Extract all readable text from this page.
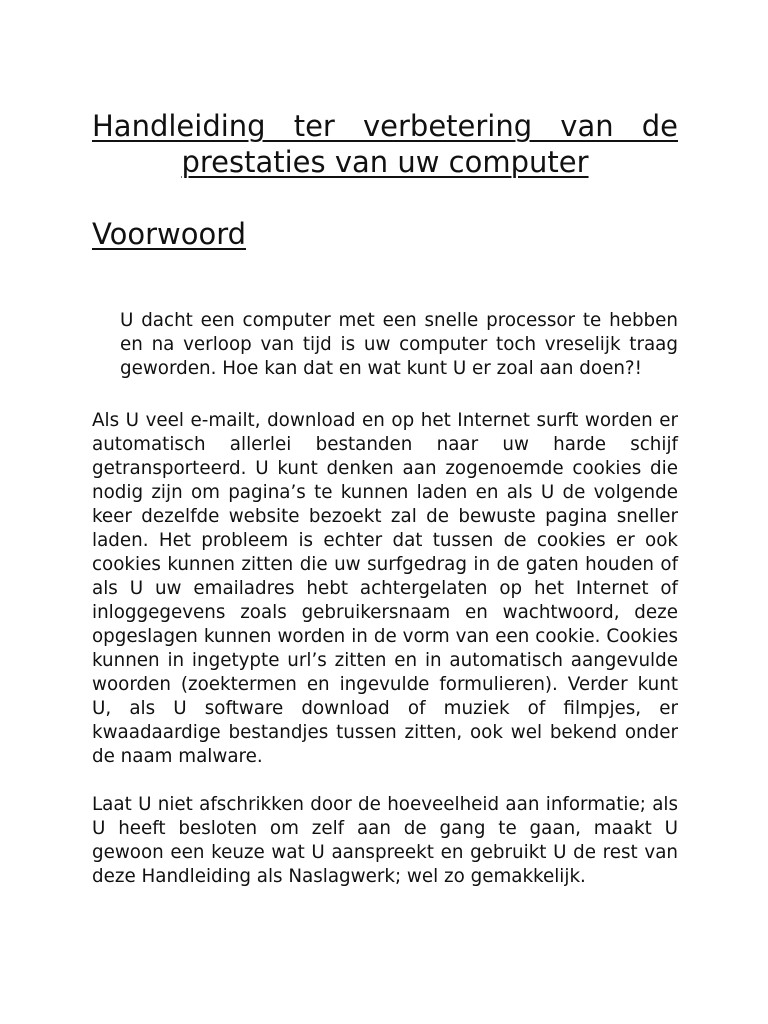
Handleiding ter verbetering van de prestaties van uw computer
Voorwoord

U dacht een computer met een snelle processor te hebben en na verloop van tijd is uw computer toch vreselijk traag geworden. Hoe kan dat en wat kunt U er zoal aan doen?!

Als U veel e-mailt, download en op het Internet surft worden er automatisch allerlei bestanden naar uw harde schijf getransporteerd. U kunt denken aan zogenoemde cookies die nodig zijn om pagina’s te kunnen laden en als U de volgende keer dezelfde website bezoekt zal de bewuste pagina sneller laden. Het probleem is echter dat tussen de cookies er ook cookies kunnen zitten die uw surfgedrag in de gaten houden of als U uw emailadres hebt achtergelaten op het Internet of inloggegevens zoals gebruikersnaam en wachtwoord, deze opgeslagen kunnen worden in de vorm van een cookie. Cookies kunnen in ingetypte url’s zitten en in automatisch aangevulde woorden (zoektermen en ingevulde formulieren). Verder kunt U, als U software download of muziek of filmpjes, er kwaadaardige bestandjes tussen zitten, ook wel bekend onder de naam malware.

Laat U niet afschrikken door de hoeveelheid aan informatie; als U heeft besloten om zelf aan de gang te gaan, maakt U gewoon een keuze wat U aanspreekt en gebruikt U de rest van deze Handleiding als Naslagwerk; wel zo gemakkelijk.
